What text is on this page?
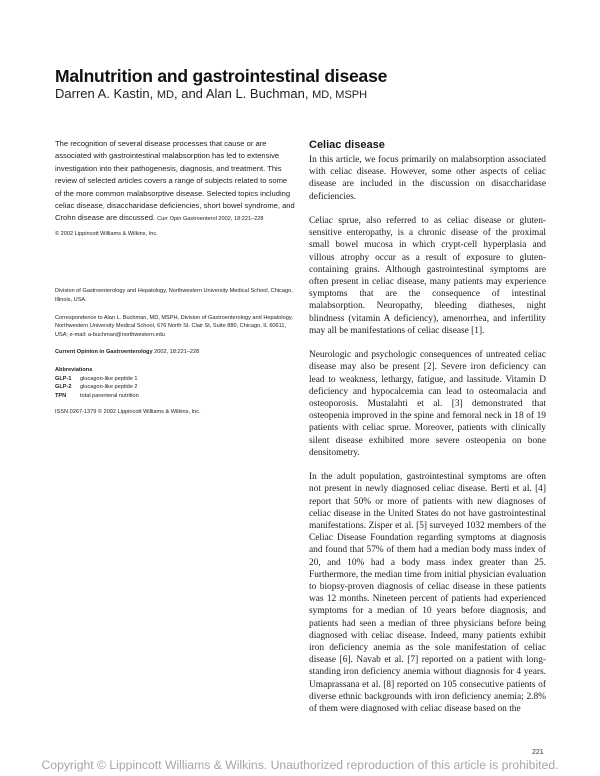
Malnutrition and gastrointestinal disease
Darren A. Kastin, MD, and Alan L. Buchman, MD, MSPH

The recognition of several disease processes that cause or are associated with gastrointestinal malabsorption has led to extensive investigation into their pathogenesis, diagnosis, and treatment. This review of selected articles covers a range of subjects related to some of the more common malabsorptive disease. Selected topics including celiac disease, disaccharidase deficiencies, short bowel syndrome, and Crohn disease are discussed. Curr Opin Gastroenterol 2002, 18:221–228

© 2002 Lippincott Williams & Wilkins, Inc.

Division of Gastroenterology and Hepatology, Northwestern University Medical School, Chicago, Illinois, USA.

Correspondence to Alan L. Buchman, MD, MSPH, Division of Gastroenterology and Hepatology, Northwestern University Medical School, 676 North St. Clair St, Suite 880, Chicago, IL 60611, USA; e-mail: a-buchman@northwestern.edu

Current Opinion in Gastroenterology 2002, 18:221–228

Abbreviations

GLP-1	glucagon-like peptide 1
GLP-2	glucagon-like peptide 2
TPN	total parenteral nutrition

ISSN 0267-1379 © 2002 Lippincott Williams & Wilkins, Inc.

Celiac disease

In this article, we focus primarily on malabsorption associated with celiac disease. However, some other aspects of celiac disease are included in the discussion on disaccharidase deficiencies.

Celiac sprue, also referred to as celiac disease or gluten-sensitive enteropathy, is a chronic disease of the proximal small bowel mucosa in which crypt-cell hyperplasia and villous atrophy occur as a result of exposure to gluten-containing grains. Although gastrointestinal symptoms are often present in celiac disease, many patients may experience symptoms that are the consequence of intestinal malabsorption. Neuropathy, bleeding diatheses, night blindness (vitamin A deficiency), amenorrhea, and infertility may all be manifestations of celiac disease [1].

Neurologic and psychologic consequences of untreated celiac disease may also be present [2]. Severe iron deficiency can lead to weakness, lethargy, fatigue, and lassitude. Vitamin D deficiency and hypocalcemia can lead to osteomalacia and osteoporosis. Mustalahti et al. [3] demonstrated that osteopenia improved in the spine and femoral neck in 18 of 19 patients with celiac sprue. Moreover, patients with clinically silent disease exhibited more severe osteopenia on bone densitometry.

In the adult population, gastrointestinal symptoms are often not present in newly diagnosed celiac disease. Berti et al. [4] report that 50% or more of patients with new diagnoses of celiac disease in the United States do not have gastrointestinal manifestations. Zisper et al. [5] surveyed 1032 members of the Celiac Disease Foundation regarding symptoms at diagnosis and found that 57% of them had a median body mass index of 20, and 10% had a body mass index greater than 25. Furthermore, the median time from initial physician evaluation to biopsy-proven diagnosis of celiac disease in these patients was 12 months. Nineteen percent of patients had experienced symptoms for a median of 10 years before diagnosis, and patients had seen a median of three physicians before being diagnosed with celiac disease. Indeed, many patients exhibit iron deficiency anemia as the sole manifestation of celiac disease [6]. Navab et al. [7] reported on a patient with long-standing iron deficiency anemia without diagnosis for 4 years. Umaprassana et al. [8] reported on 105 consecutive patients of diverse ethnic backgrounds with iron deficiency anemia; 2.8% of them were diagnosed with celiac disease based on the

221
Copyright © Lippincott Williams & Wilkins. Unauthorized reproduction of this article is prohibited.
